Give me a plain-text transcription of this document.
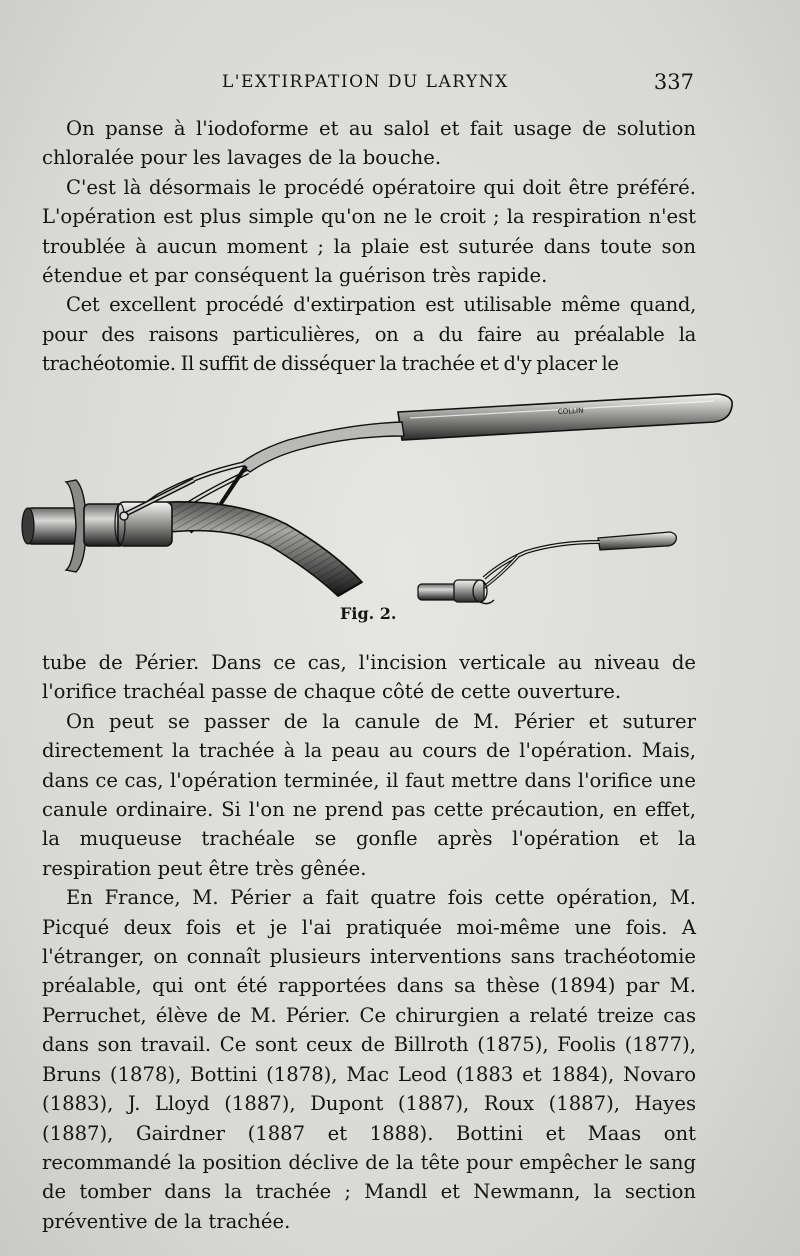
L'EXTIRPATION DU LARYNX	337

On panse à l'iodoforme et au salol et fait usage de solution chloralée pour les lavages de la bouche.

C'est là désormais le procédé opératoire qui doit être préféré. L'opération est plus simple qu'on ne le croit ; la respiration n'est troublée à aucun moment ; la plaie est suturée dans toute son étendue et par conséquent la guérison très rapide.

Cet excellent procédé d'extirpation est utilisable même quand, pour des raisons particulières, on a du faire au préalable la trachéotomie. Il suffit de disséquer la trachée et d'y placer le

COLLIN
Fig. 2.

tube de Périer. Dans ce cas, l'incision verticale au niveau de l'orifice trachéal passe de chaque côté de cette ouverture.

On peut se passer de la canule de M. Périer et suturer directement la trachée à la peau au cours de l'opération. Mais, dans ce cas, l'opération terminée, il faut mettre dans l'orifice une canule ordinaire. Si l'on ne prend pas cette précaution, en effet, la muqueuse trachéale se gonfle après l'opération et la respiration peut être très gênée.

En France, M. Périer a fait quatre fois cette opération, M. Picqué deux fois et je l'ai pratiquée moi-même une fois. A l'étranger, on connaît plusieurs interventions sans trachéotomie préalable, qui ont été rapportées dans sa thèse (1894) par M. Perruchet, élève de M. Périer. Ce chirurgien a relaté treize cas dans son travail. Ce sont ceux de Billroth (1875), Foolis (1877), Bruns (1878), Bottini (1878), Mac Leod (1883 et 1884), Novaro (1883), J. Lloyd (1887), Dupont (1887), Roux (1887), Hayes (1887), Gairdner (1887 et 1888). Bottini et Maas ont recommandé la position déclive de la tête pour empêcher le sang de tomber dans la trachée ; Mandl et Newmann, la section préventive de la trachée.
